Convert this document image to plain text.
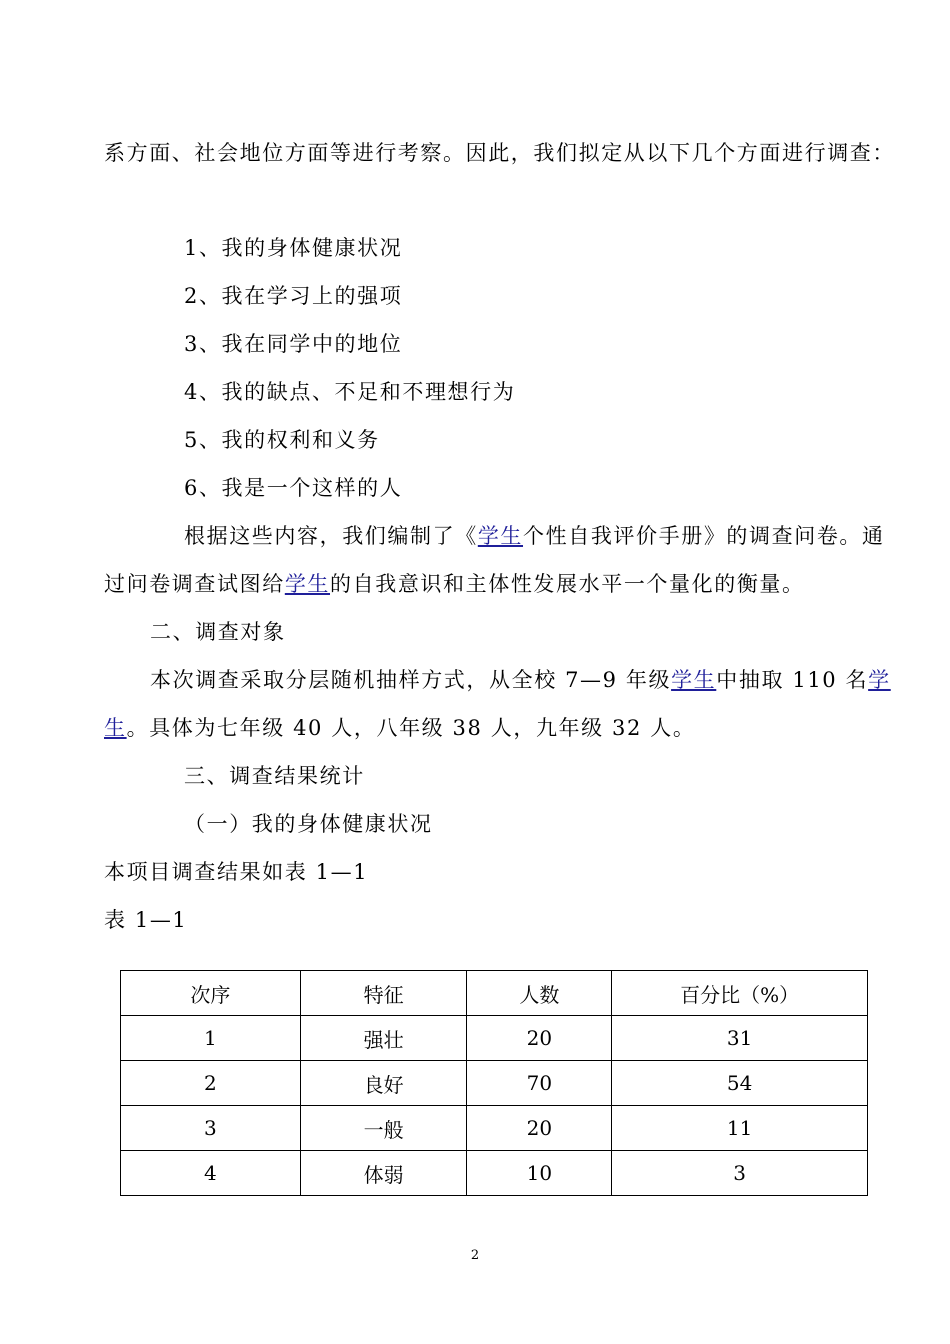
系方面、社会地位方面等进行考察。因此，我们拟定从以下几个方面进行调查：
1、我的身体健康状况
2、我在学习上的强项
3、我在同学中的地位
4、我的缺点、不足和不理想行为
5、我的权利和义务
6、我是一个这样的人
根据这些内容，我们编制了《学生个性自我评价手册》的调查问卷。通
过问卷调查试图给学生的自我意识和主体性发展水平一个量化的衡量。
二、调查对象
本次调查采取分层随机抽样方式，从全校 7—9 年级学生中抽取 110 名学
生。具体为七年级 40 人，八年级 38 人，九年级 32 人。
三、调查结果统计
（一）我的身体健康状况
本项目调查结果如表 1—1
表 1—1
次序	特征	人数	百分比（%）
1	强壮	20	31
2	良好	70	54
3	一般	20	11
4	体弱	10	3
2
